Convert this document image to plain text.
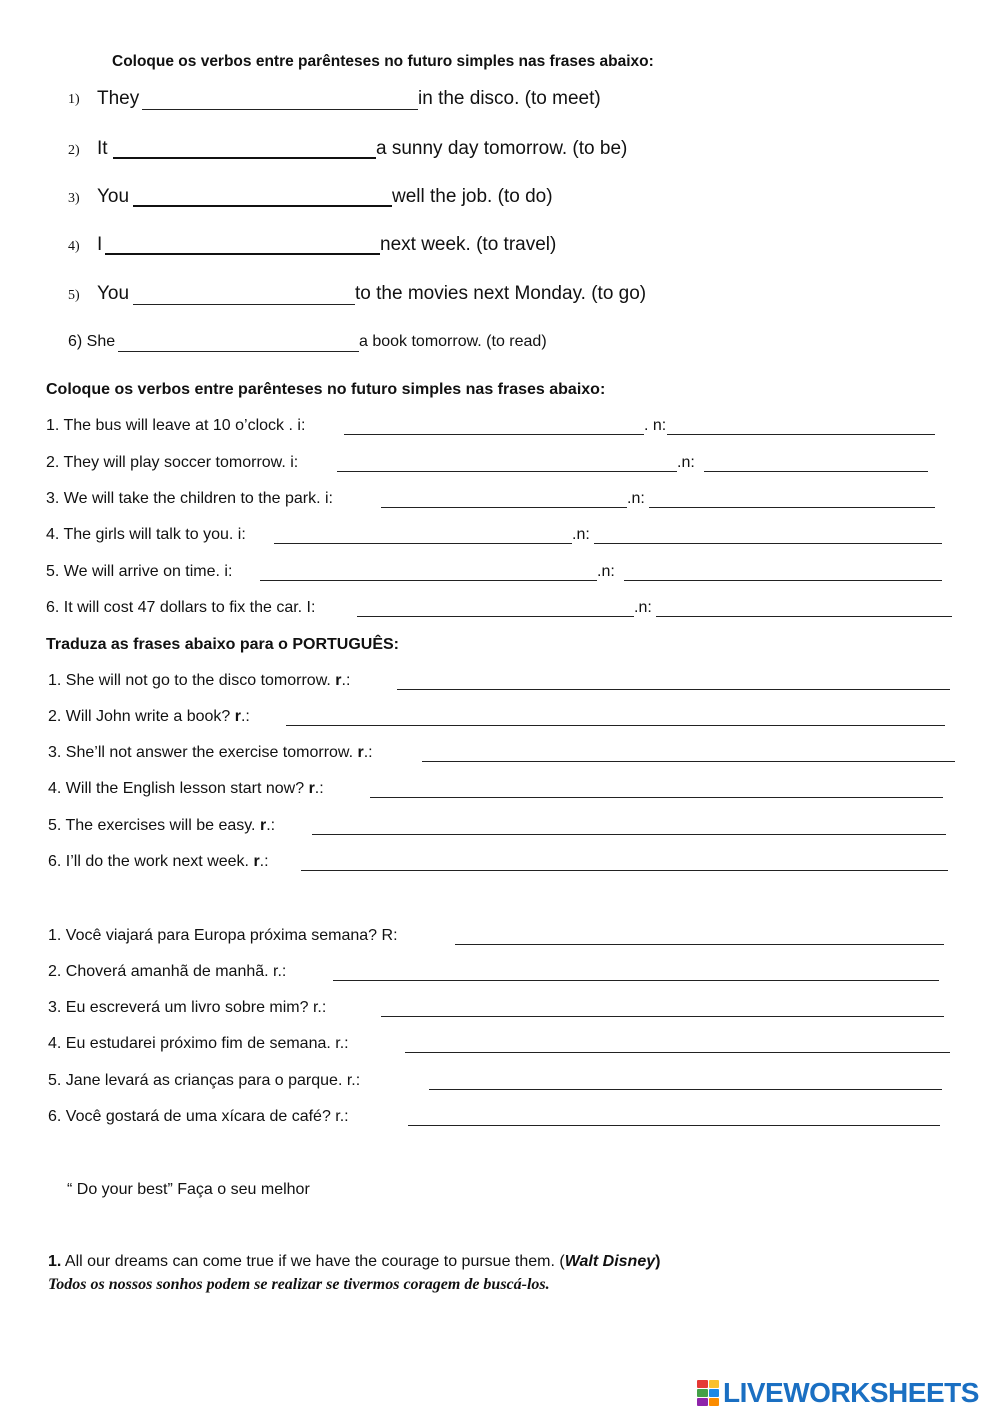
Coloque os verbos entre parênteses no futuro simples nas frases abaixo:
1) They	in the disco. (to meet)
2) It	a sunny day tomorrow. (to be)
3) You	well the job. (to do)
4) I	next week. (to travel)
5) You	to the movies next Monday. (to go)
6) She	a book tomorrow. (to read)
Coloque os verbos entre parênteses no futuro simples nas frases abaixo:
1. The bus will leave at 10 o’clock . i:	. n:
2. They will play soccer tomorrow. i:	.n:
3. We will take the children to the park. i:	.n:
4. The girls will talk to you. i:	.n:
5. We will arrive on time. i:	.n:
6. It will cost 47 dollars to fix the car. I:	.n:
Traduza as frases abaixo para o PORTUGUÊS:
1. She will not go to the disco tomorrow. r.:
2. Will John write a book? r.:
3. She’ll not answer the exercise tomorrow. r.:
4. Will the English lesson start now? r.:
5. The exercises will be easy. r.:
6. I’ll do the work next week. r.:
1. Você viajará para Europa próxima semana? R:
2. Choverá amanhã de manhã. r.:
3. Eu escreverá um livro sobre mim? r.:
4. Eu estudarei próximo fim de semana. r.:
5. Jane levará as crianças para o parque. r.:
6. Você gostará de uma xícara de café? r.:
“ Do your best” Faça o seu melhor
1. All our dreams can come true if we have the courage to pursue them. (Walt Disney)
Todos os nossos sonhos podem se realizar se tivermos coragem de buscá-los.
LIVEWORKSHEETS
